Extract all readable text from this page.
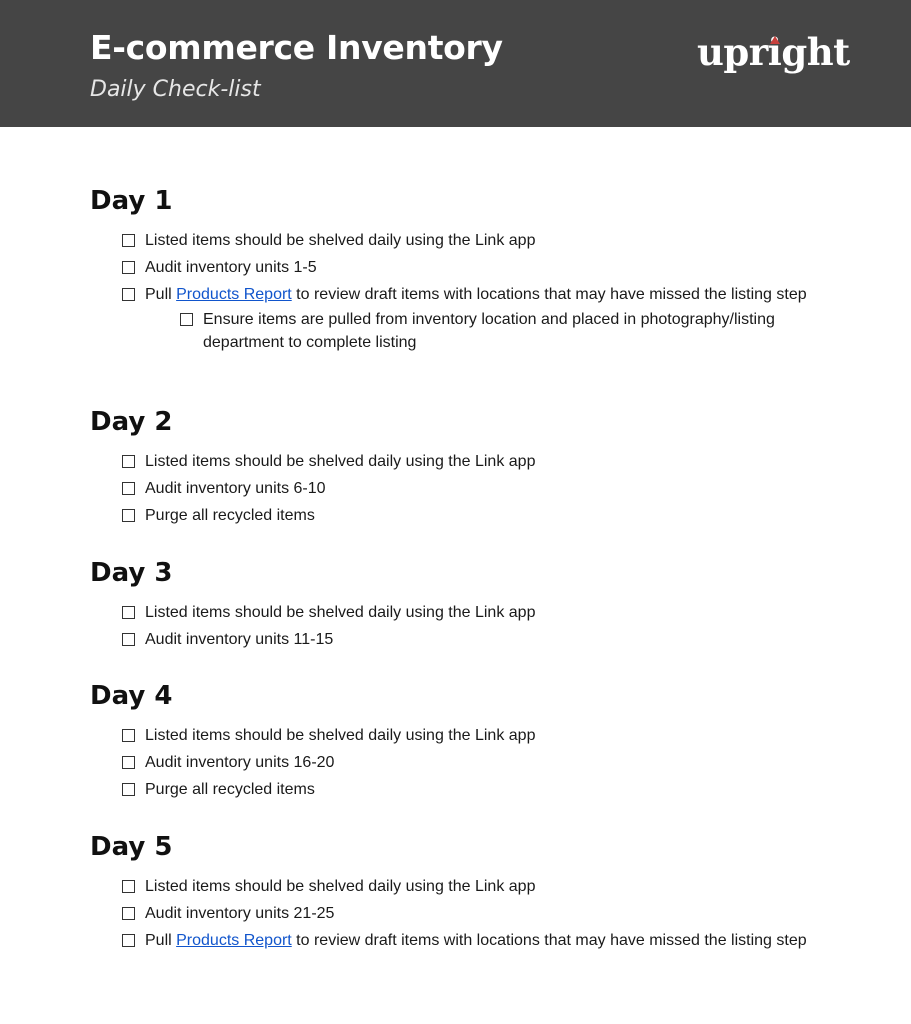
E-commerce Inventory
Daily Check-list
upri
ght
Day 1
Listed items should be shelved daily using the Link app
Audit inventory units 1-5
Pull Products Report to review draft items with locations that may have missed the listing step
Ensure items are pulled from inventory location and placed in photography/listing department to complete listing
Day 2
Listed items should be shelved daily using the Link app
Audit inventory units 6-10
Purge all recycled items
Day 3
Listed items should be shelved daily using the Link app
Audit inventory units 11-15
Day 4
Listed items should be shelved daily using the Link app
Audit inventory units 16-20
Purge all recycled items
Day 5
Listed items should be shelved daily using the Link app
Audit inventory units 21-25
Pull Products Report to review draft items with locations that may have missed the listing step
